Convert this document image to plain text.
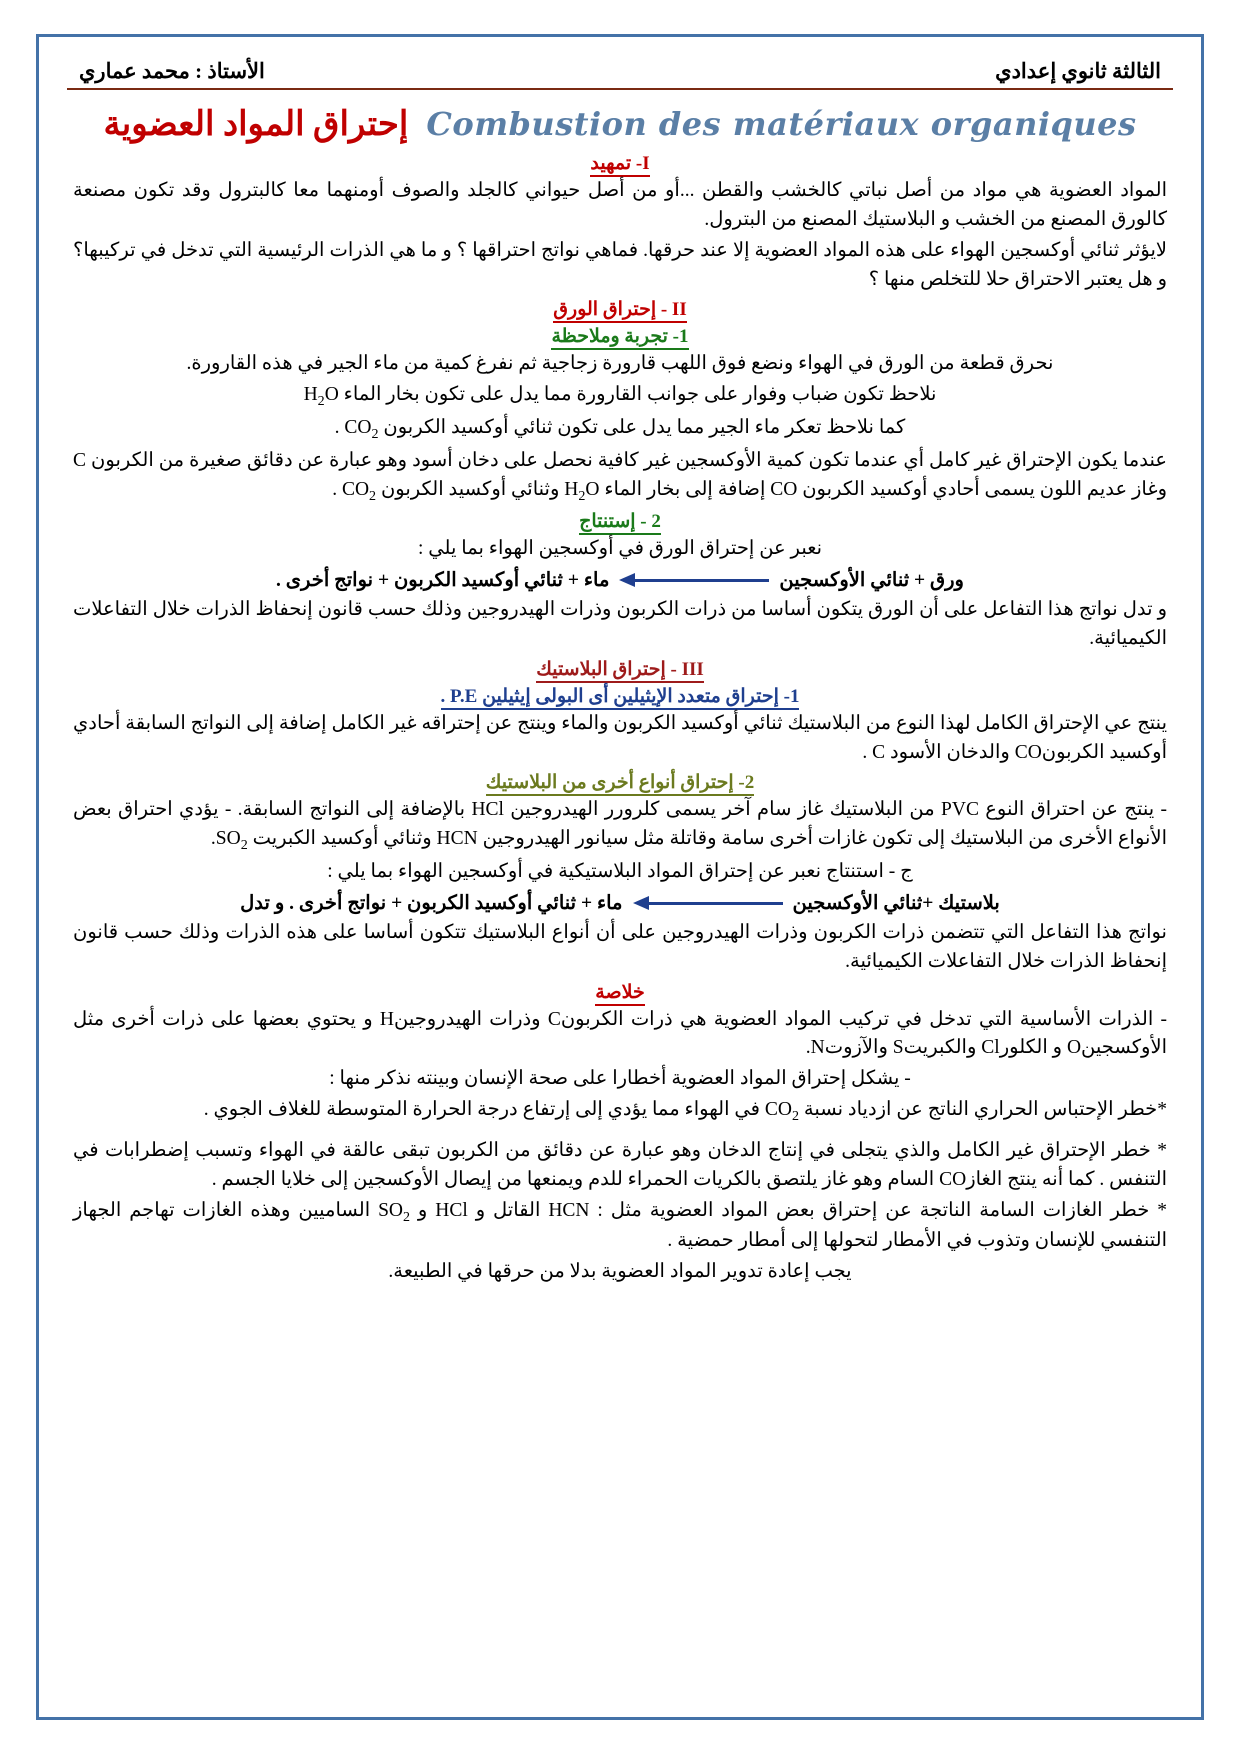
الثالثة ثانوي إعدادي
الأستاذ : محمد عماري
إحتراق المواد العضوية Combustion des matériaux organiques
I- تمهيد

المواد العضوية هي مواد من أصل نباتي كالخشب والقطن ...أو من أصل حيواني كالجلد والصوف أومنهما معا كالبترول وقد تكون مصنعة كالورق المصنع من الخشب و البلاستيك المصنع من البترول.

لايؤثر ثنائي أوكسجين الهواء على هذه المواد العضوية إلا عند حرقها. فماهي نواتج احتراقها ؟ و ما هي الذرات الرئيسية التي تدخل في تركيبها؟ و هل يعتبر الاحتراق حلا للتخلص منها ؟

II - إحتراق الورق
1- تجربة وملاحظة

نحرق قطعة من الورق في الهواء ونضع فوق اللهب قارورة زجاجية ثم نفرغ كمية من ماء الجير في هذه القارورة.

نلاحظ تكون ضباب وفوار على جوانب القارورة مما يدل على تكون بخار الماء $H_2O$

كما نلاحظ تعكر ماء الجير مما يدل على تكون ثنائي أوكسيد الكربون $CO_2$ .

عندما يكون الإحتراق غير كامل أي عندما تكون كمية الأوكسجين غير كافية نحصل على دخان أسود وهو عبارة عن دقائق صغيرة من الكربون C وغاز عديم اللون يسمى أحادي أوكسيد الكربون CO إضافة إلى بخار الماء $H_2O$ وثنائي أوكسيد الكربون $CO_2$ .

2 - إستنتاج

نعبر عن إحتراق الورق في أوكسجين الهواء بما يلي :

ورق + ثنائي الأوكسجين
ماء + ثنائي أوكسيد الكربون + نواتج أخرى .

و تدل نواتج هذا التفاعل على أن الورق يتكون أساسا من ذرات الكربون وذرات الهيدروجين وذلك حسب قانون إنحفاظ الذرات خلال التفاعلات الكيميائية.

III - إحتراق البلاستيك
1- إحتراق متعدد الإيثيلين أى البولى إيثيلين P.E .

ينتج عي الإحتراق الكامل لهذا النوع من البلاستيك ثنائي أوكسيد الكربون والماء وينتج عن إحتراقه غير الكامل إضافة إلى النواتج السابقة أحادي أوكسيد الكربونCO والدخان الأسود C .

2- إحتراق أنواع أخرى من البلاستيك

- ينتج عن احتراق النوع PVC من البلاستيك غاز سام آخر يسمى كلرورر الهيدروجين HCl بالإضافة إلى النواتج السابقة. - يؤدي احتراق بعض الأنواع الأخرى من البلاستيك إلى تكون غازات أخرى سامة وقاتلة مثل سيانور الهيدروجين HCN وثنائي أوكسيد الكبريت $SO_2$.

ج - استنتاج نعبر عن إحتراق المواد البلاستيكية في أوكسجين الهواء بما يلي :

بلاستيك +ثنائي الأوكسجين
ماء + ثنائي أوكسيد الكربون + نواتج أخرى . و تدل

نواتج هذا التفاعل التي تتضمن ذرات الكربون وذرات الهيدروجين على أن أنواع البلاستيك تتكون أساسا على هذه الذرات وذلك حسب قانون إنحفاظ الذرات خلال التفاعلات الكيميائية.

خلاصة

- الذرات الأساسية التي تدخل في تركيب المواد العضوية هي ذرات الكربونC وذرات الهيدروجينH و يحتوي بعضها على ذرات أخرى مثل الأوكسجينO و الكلورCl والكبريتS والآزوتN.

- يشكل إحتراق المواد العضوية أخطارا على صحة الإنسان وبينته نذكر منها :

*خطر الإحتباس الحراري الناتج عن ازدياد نسبة $CO_2$ في الهواء مما يؤدي إلى إرتفاع درجة الحرارة المتوسطة للغلاف الجوي .

* خطر الإحتراق غير الكامل والذي يتجلى في إنتاج الدخان وهو عبارة عن دقائق من الكربون تبقى عالقة في الهواء وتسبب إضطرابات في التنفس . كما أنه ينتج الغازCO السام وهو غاز يلتصق بالكريات الحمراء للدم ويمنعها من إيصال الأوكسجين إلى خلايا الجسم .

* خطر الغازات السامة الناتجة عن إحتراق بعض المواد العضوية مثل : HCN القاتل و HCl و $SO_2$ الساميين وهذه الغازات تهاجم الجهاز التنفسي للإنسان وتذوب في الأمطار لتحولها إلى أمطار حمضية .

يجب إعادة تدوير المواد العضوية بدلا من حرقها في الطبيعة.
